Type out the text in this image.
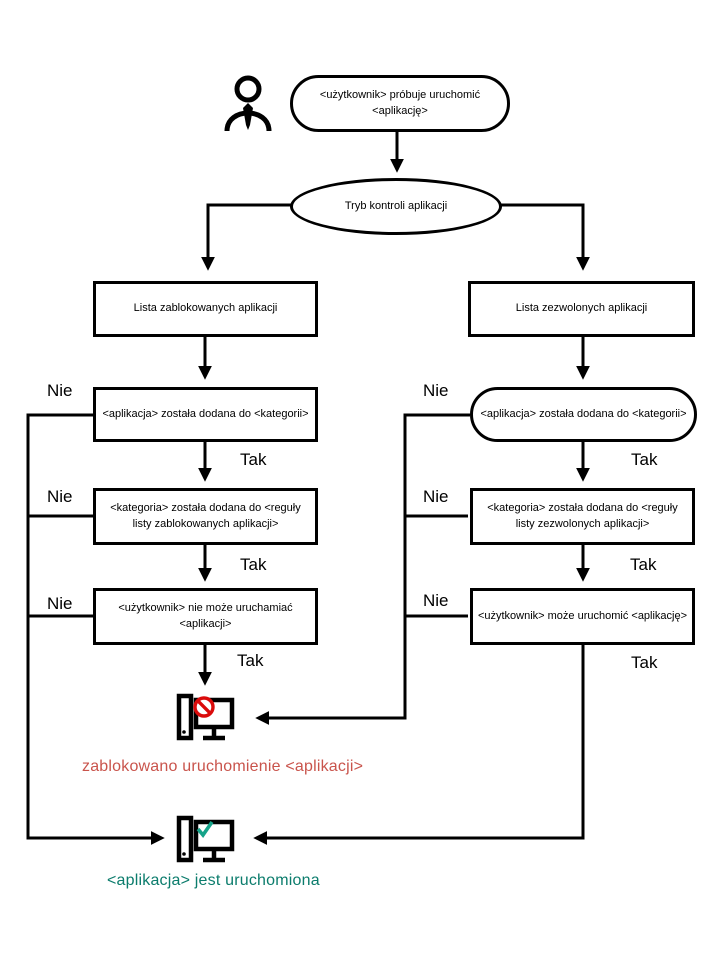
<użytkownik> próbuje uruchomić <aplikację>
Tryb kontroli aplikacji
Lista zablokowanych aplikacji	Lista zezwolonych aplikacji
<aplikacja> została dodana do <kategorii>	<aplikacja> została dodana do <kategorii>
<kategoria> została dodana do <reguły listy zablokowanych aplikacji>
<kategoria> została dodana do <reguły listy zezwolonych aplikacji>
<użytkownik> nie może uruchamiać <aplikacji>
<użytkownik> może uruchomić <aplikację>
Nie
Nie
Nie
Nie
Nie
Nie
Tak
Tak
Tak
Tak
Tak
Tak
zablokowano uruchomienie <aplikacji>
<aplikacja> jest uruchomiona
